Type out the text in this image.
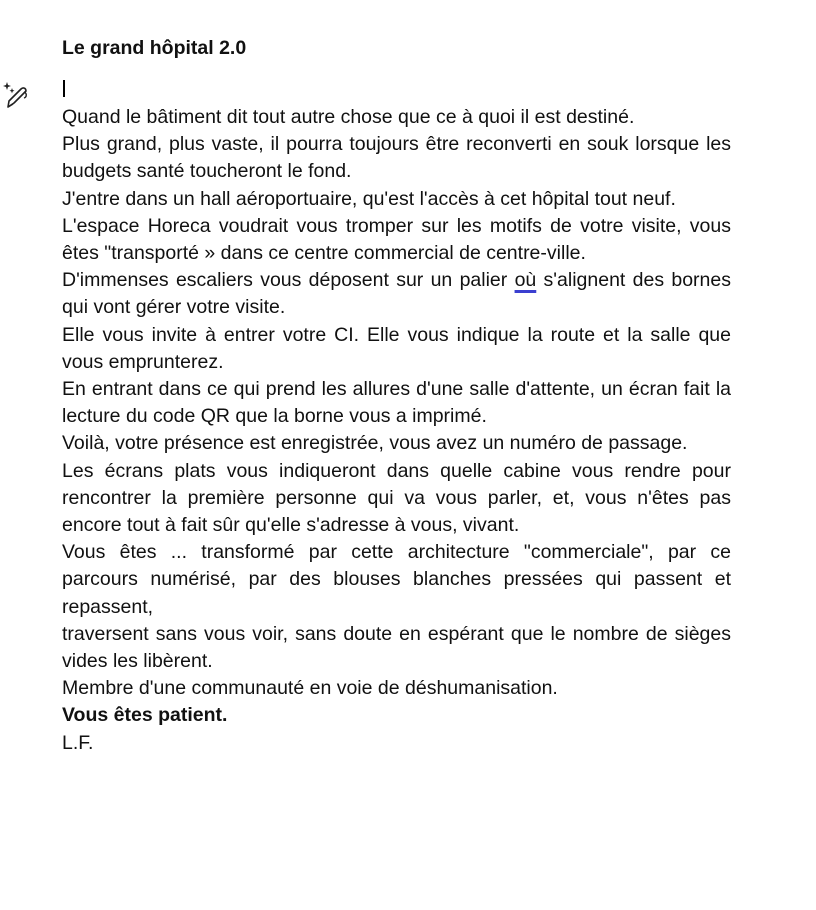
Le grand hôpital 2.0

Quand le bâtiment dit tout autre chose que ce à quoi il est destiné.

Plus grand, plus vaste, il pourra toujours être reconverti en souk lorsque les budgets santé toucheront le fond.

J'entre dans un hall aéroportuaire, qu'est l'accès à cet hôpital tout neuf.

L'espace Horeca voudrait vous tromper sur les motifs de votre visite, vous êtes "transporté » dans ce centre commercial de centre-ville.

D'immenses escaliers vous déposent sur un palier où s'alignent des bornes qui vont gérer votre visite.

Elle vous invite à entrer votre CI. Elle vous indique la route et la salle que vous emprunterez.

En entrant dans ce qui prend les allures d'une salle d'attente, un écran fait la lecture du code QR que la borne vous a imprimé.

Voilà, votre présence est enregistrée, vous avez un numéro de passage.

Les écrans plats vous indiqueront dans quelle cabine vous rendre pour rencontrer la première personne qui va vous parler, et, vous n'êtes pas encore tout à fait sûr qu'elle s'adresse à vous, vivant.

Vous êtes ... transformé par cette architecture "commerciale", par ce parcours numérisé, par des blouses blanches pressées qui passent et repassent,

traversent sans vous voir, sans doute en espérant que le nombre de sièges vides les libèrent.

Membre d'une communauté en voie de déshumanisation.

Vous êtes patient.

L.F.
